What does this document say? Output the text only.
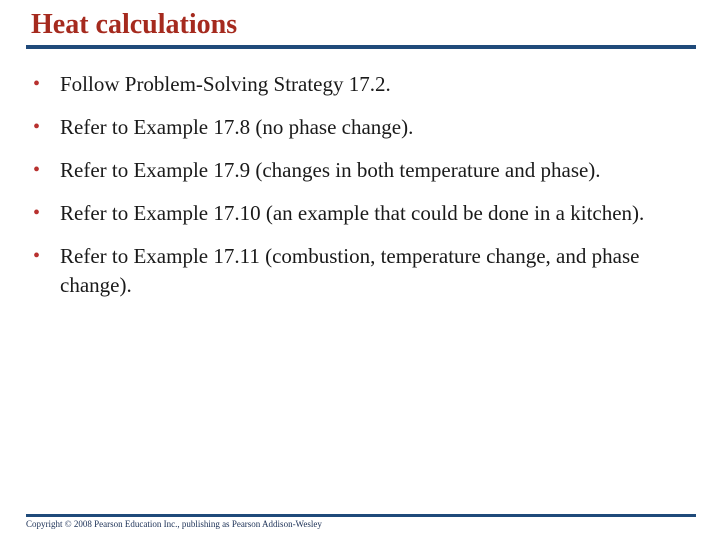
Heat calculations
• Follow Problem-Solving Strategy 17.2.
• Refer to Example 17.8 (no phase change).
• Refer to Example 17.9 (changes in both temperature and phase).
• Refer to Example 17.10 (an example that could be done in a kitchen).
• Refer to Example 17.11 (combustion, temperature change, and phase change).
Copyright © 2008 Pearson Education Inc., publishing as Pearson Addison-Wesley
